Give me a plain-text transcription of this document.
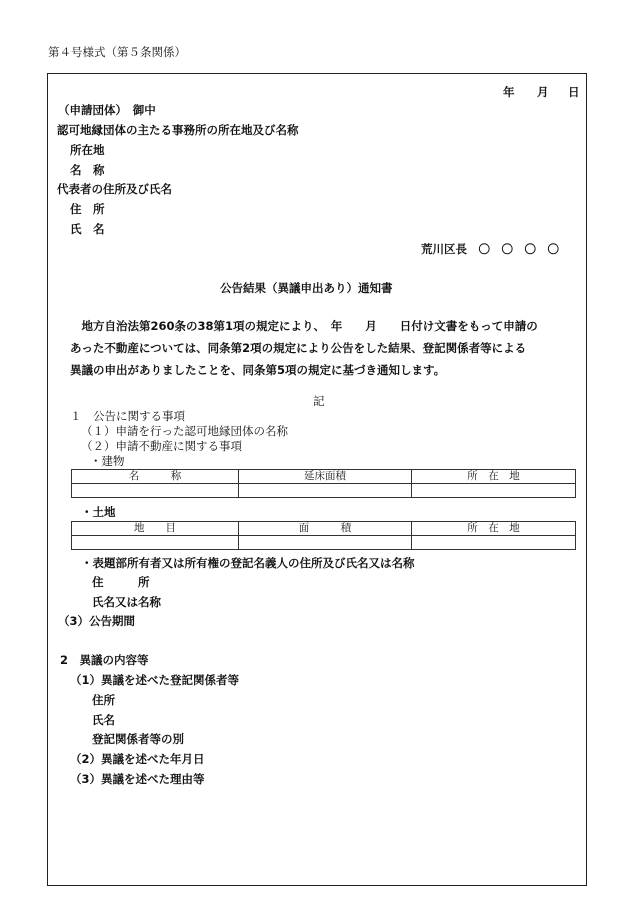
第４号様式（第５条関係）
年 月 日
（申請団体）　御中
認可地縁団体の主たる事務所の所在地及び名称
所在地
名　称
代表者の住所及び氏名
住　所
氏　名
荒川区長　〇　〇　〇　〇
公告結果（異議申出あり）通知書
　地方自治法第260条の38第1項の規定により、　年　　月　　日付け文書をもって申請の
あった不動産については、同条第2項の規定により公告をした結果、登記関係者等による
異議の申出がありましたことを、同条第5項の規定に基づき通知します。
記
１　公告に関する事項
（１）申請を行った認可地縁団体の名称
（２）申請不動産に関する事項
・建物
名　　　称	延床面積	所　在　地

・土地
地　　目	面　　　積	所　在　地

・表題部所有者又は所有権の登記名義人の住所及び氏名又は名称
住　　　所
氏名又は名称
（3）公告期間
2　異議の内容等
（1）異議を述べた登記関係者等
住所
氏名
登記関係者等の別
（2）異議を述べた年月日
（3）異議を述べた理由等
